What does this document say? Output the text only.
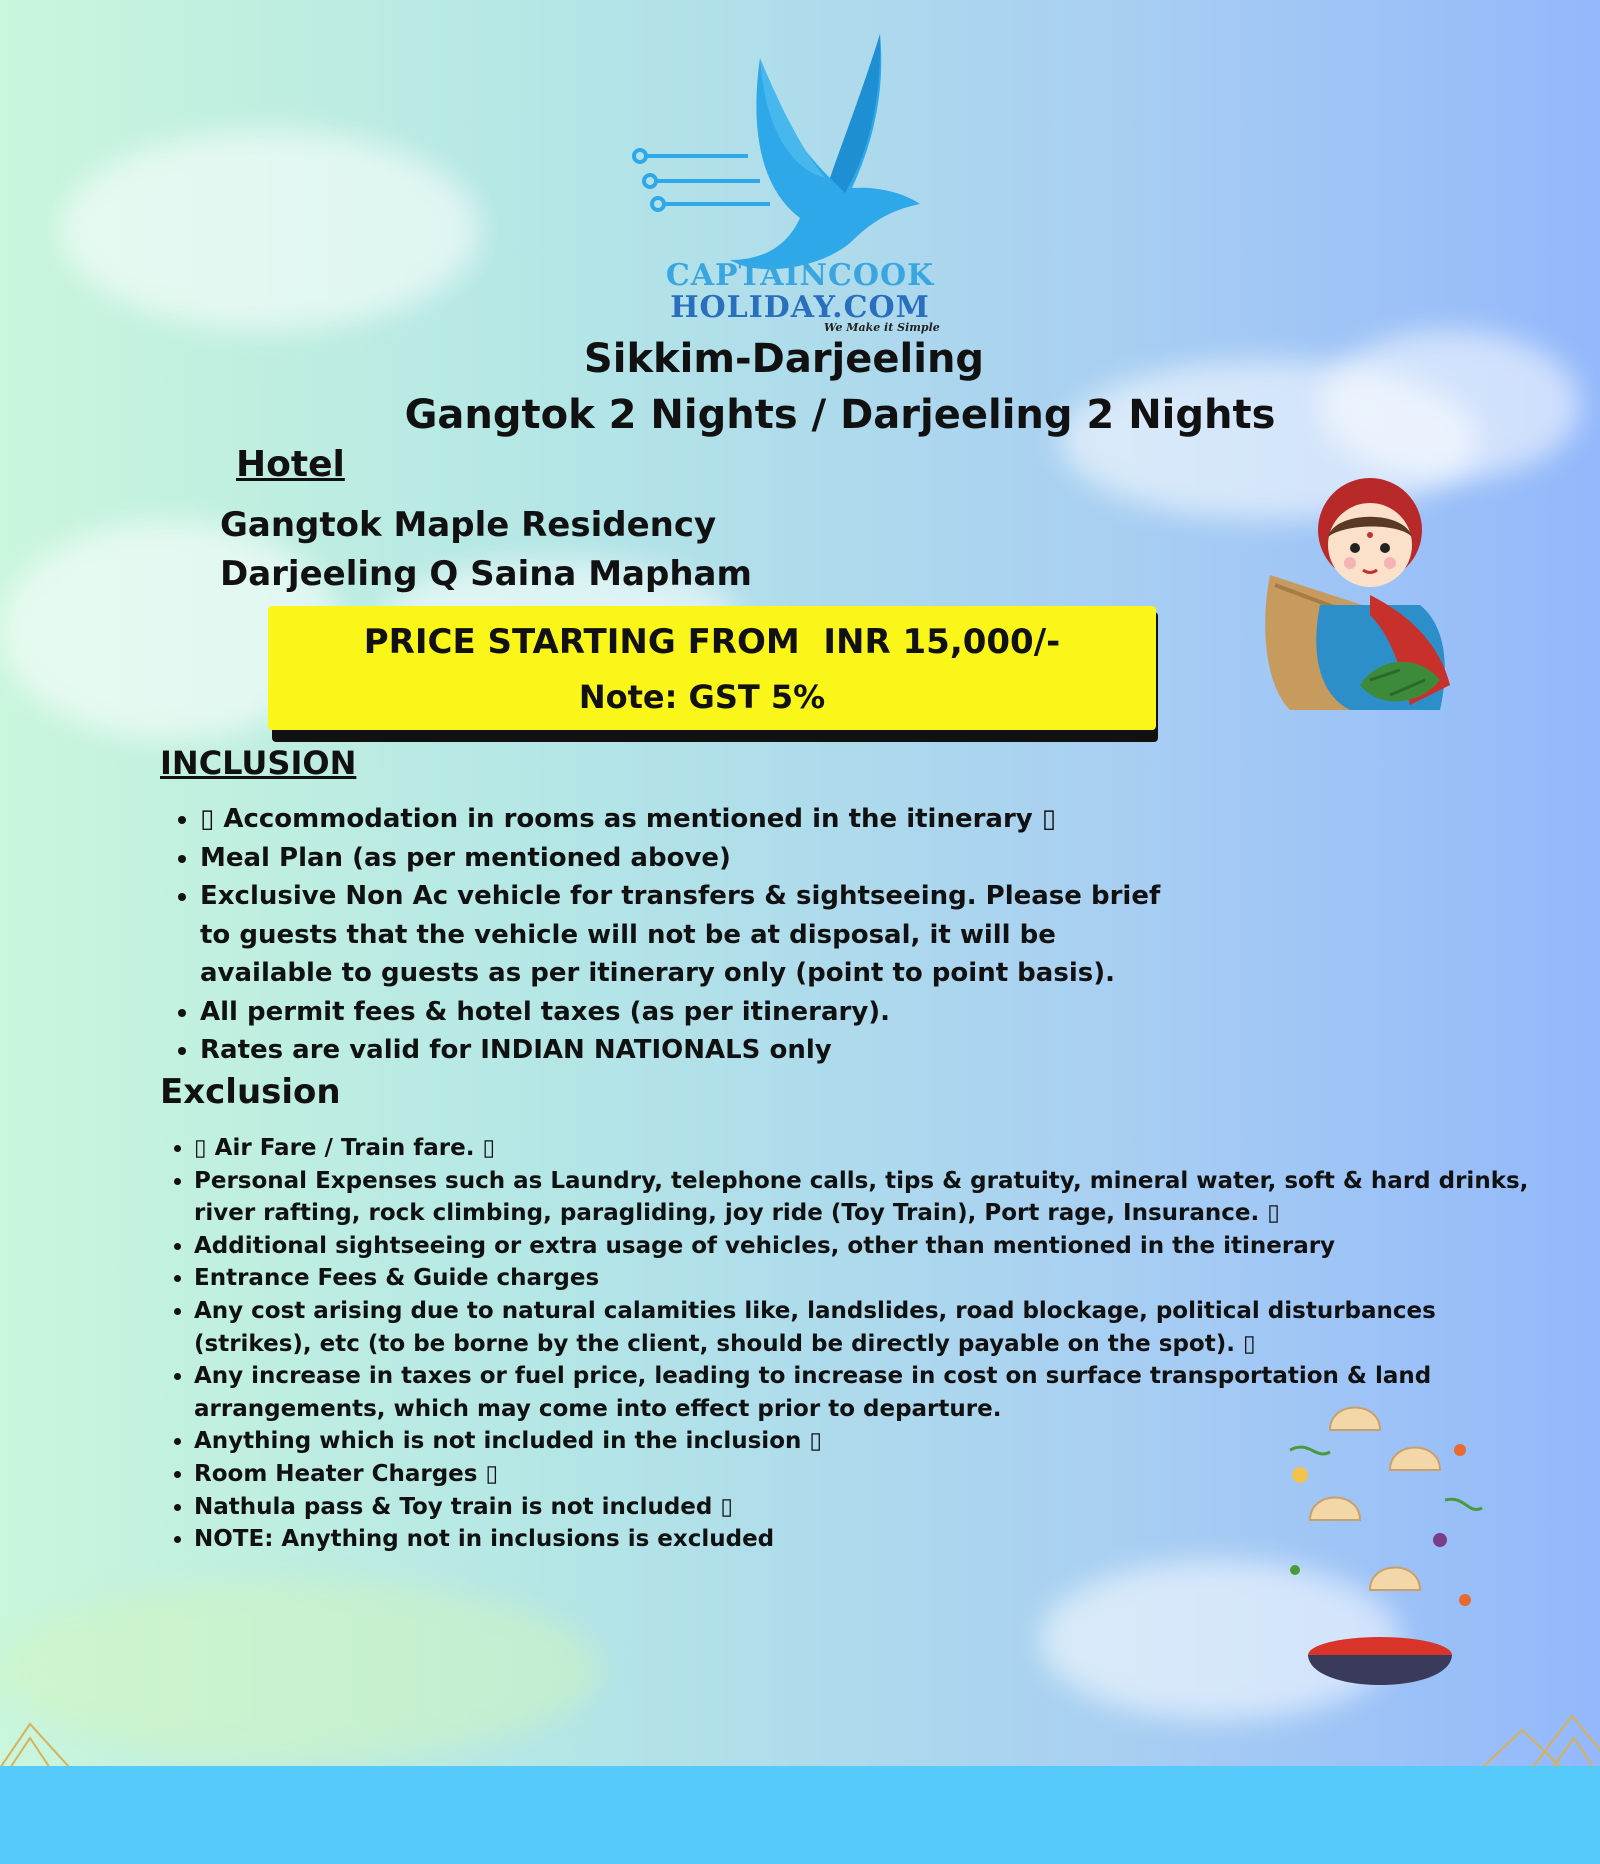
CAPTAINCOOK
HOLIDAY.COM
We Make it Simple
Sikkim-Darjeeling
Gangtok 2 Nights / Darjeeling 2 Nights
Hotel
Gangtok Maple Residency
Darjeeling Q Saina Mapham
PRICE STARTING FROM  INR 15,000/-
Note: GST 5%
INCLUSION
• ▯ Accommodation in rooms as mentioned in the itinerary ▯
• Meal Plan (as per mentioned above)
• Exclusive Non Ac vehicle for transfers & sightseeing. Please brief to guests that the vehicle will not be at disposal, it will be available to guests as per itinerary only (point to point basis).
• All permit fees & hotel taxes (as per itinerary).
• Rates are valid for INDIAN NATIONALS only
Exclusion
• ▯ Air Fare / Train fare. ▯
• Personal Expenses such as Laundry, telephone calls, tips & gratuity, mineral water, soft & hard drinks, river rafting, rock climbing, paragliding, joy ride (Toy Train), Port rage, Insurance. ▯
• Additional sightseeing or extra usage of vehicles, other than mentioned in the itinerary
• Entrance Fees & Guide charges
• Any cost arising due to natural calamities like, landslides, road blockage, political disturbances (strikes), etc (to be borne by the client, should be directly payable on the spot). ▯
• Any increase in taxes or fuel price, leading to increase in cost on surface transportation & land arrangements, which may come into effect prior to departure.
• Anything which is not included in the inclusion ▯
• Room Heater Charges ▯
• Nathula pass & Toy train is not included ▯
• NOTE: Anything not in inclusions is excluded
